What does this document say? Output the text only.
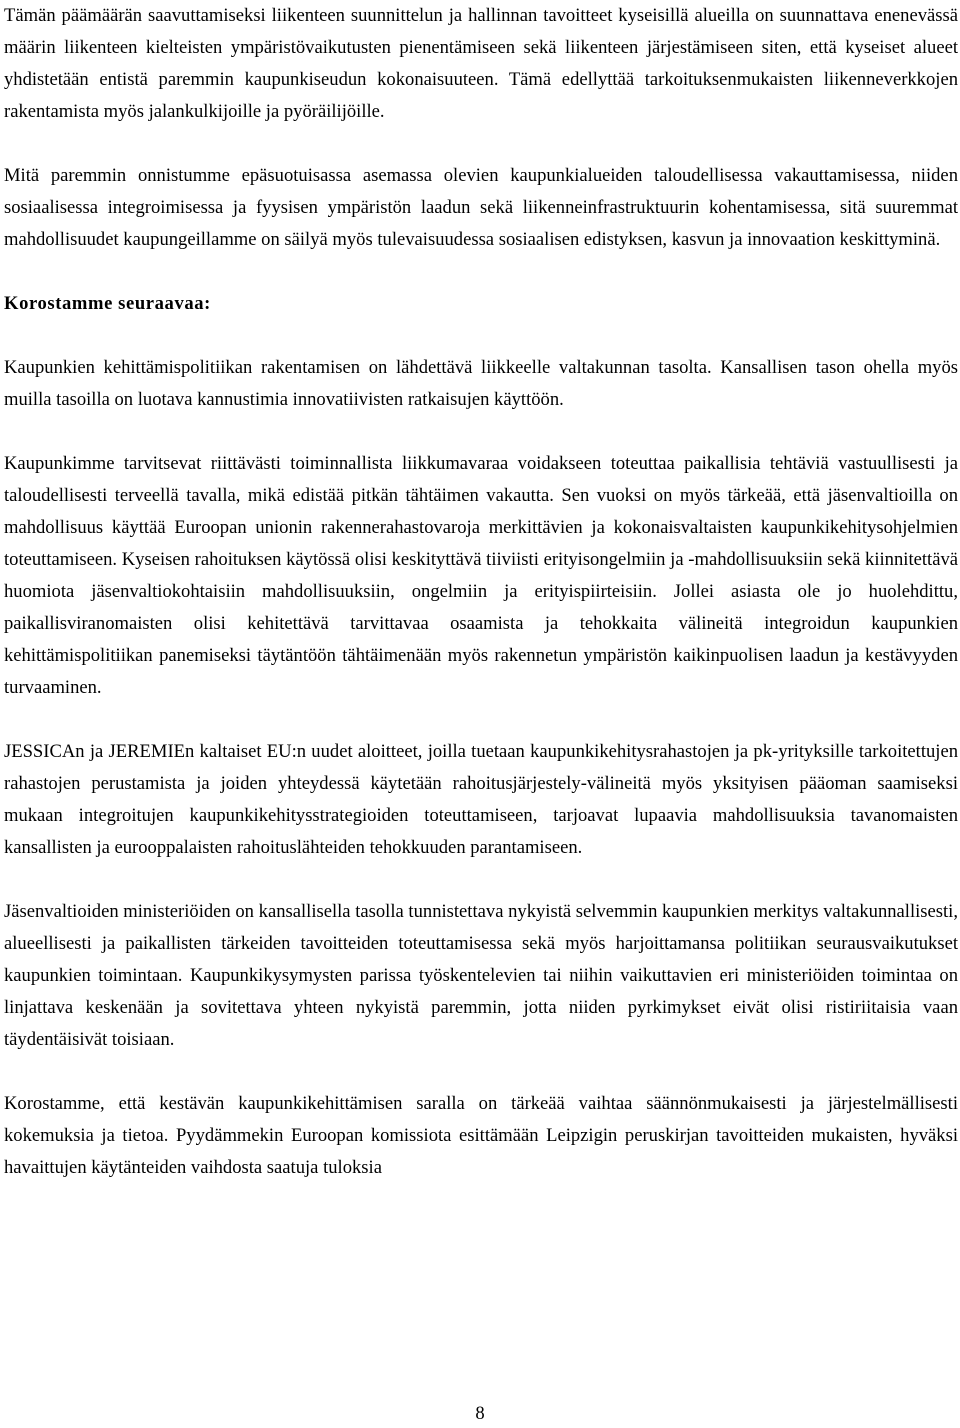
Tämän päämäärän saavuttamiseksi liikenteen suunnittelun ja hallinnan tavoitteet kyseisillä alueilla on suunnattava enenevässä määrin liikenteen kielteisten ympäristövaikutusten pienentämiseen sekä liikenteen järjestämiseen siten, että kyseiset alueet yhdistetään entistä paremmin kaupunkiseudun kokonaisuuteen. Tämä edellyttää tarkoituksenmukaisten liikenneverkkojen rakentamista myös jalankulkijoille ja pyöräilijöille.

Mitä paremmin onnistumme epäsuotuisassa asemassa olevien kaupunkialueiden taloudellisessa vakauttamisessa, niiden sosiaalisessa integroimisessa ja fyysisen ympäristön laadun sekä liikenneinfrastruktuurin kohentamisessa, sitä suuremmat mahdollisuudet kaupungeillamme on säilyä myös tulevaisuudessa sosiaalisen edistyksen, kasvun ja innovaation keskittyminä.

Korostamme seuraavaa:

Kaupunkien kehittämispolitiikan rakentamisen on lähdettävä liikkeelle valtakunnan tasolta. Kansallisen tason ohella myös muilla tasoilla on luotava kannustimia innovatiivisten ratkaisujen käyttöön.

Kaupunkimme tarvitsevat riittävästi toiminnallista liikkumavaraa voidakseen toteuttaa paikallisia tehtäviä vastuullisesti ja taloudellisesti terveellä tavalla, mikä edistää pitkän tähtäimen vakautta. Sen vuoksi on myös tärkeää, että jäsenvaltioilla on mahdollisuus käyttää Euroopan unionin rakennerahastovaroja merkittävien ja kokonaisvaltaisten kaupunkikehitysohjelmien toteuttamiseen. Kyseisen rahoituksen käytössä olisi keskityttävä tiiviisti erityisongelmiin ja -mahdollisuuksiin sekä kiinnitettävä huomiota jäsenvaltiokohtaisiin mahdollisuuksiin, ongelmiin ja erityispiirteisiin. Jollei asiasta ole jo huolehdittu, paikallisviranomaisten olisi kehitettävä tarvittavaa osaamista ja tehokkaita välineitä integroidun kaupunkien kehittämispolitiikan panemiseksi täytäntöön tähtäimenään myös rakennetun ympäristön kaikinpuolisen laadun ja kestävyyden turvaaminen.

JESSICAn ja JEREMIEn kaltaiset EU:n uudet aloitteet, joilla tuetaan kaupunkikehitysrahastojen ja pk-yrityksille tarkoitettujen rahastojen perustamista ja joiden yhteydessä käytetään rahoitusjärjestely-välineitä myös yksityisen pääoman saamiseksi mukaan integroitujen kaupunkikehitysstrategioiden toteuttamiseen, tarjoavat lupaavia mahdollisuuksia tavanomaisten kansallisten ja eurooppalaisten rahoituslähteiden tehokkuuden parantamiseen.

Jäsenvaltioiden ministeriöiden on kansallisella tasolla tunnistettava nykyistä selvemmin kaupunkien merkitys valtakunnallisesti, alueellisesti ja paikallisten tärkeiden tavoitteiden toteuttamisessa sekä myös harjoittamansa politiikan seurausvaikutukset kaupunkien toimintaan. Kaupunkikysymysten parissa työskentelevien tai niihin vaikuttavien eri ministeriöiden toimintaa on linjattava keskenään ja sovitettava yhteen nykyistä paremmin, jotta niiden pyrkimykset eivät olisi ristiriitaisia vaan täydentäisivät toisiaan.

Korostamme, että kestävän kaupunkikehittämisen saralla on tärkeää vaihtaa säännönmukaisesti ja järjestelmällisesti kokemuksia ja tietoa. Pyydämmekin Euroopan komissiota esittämään Leipzigin peruskirjan tavoitteiden mukaisten, hyväksi havaittujen käytänteiden vaihdosta saatuja tuloksia

8
